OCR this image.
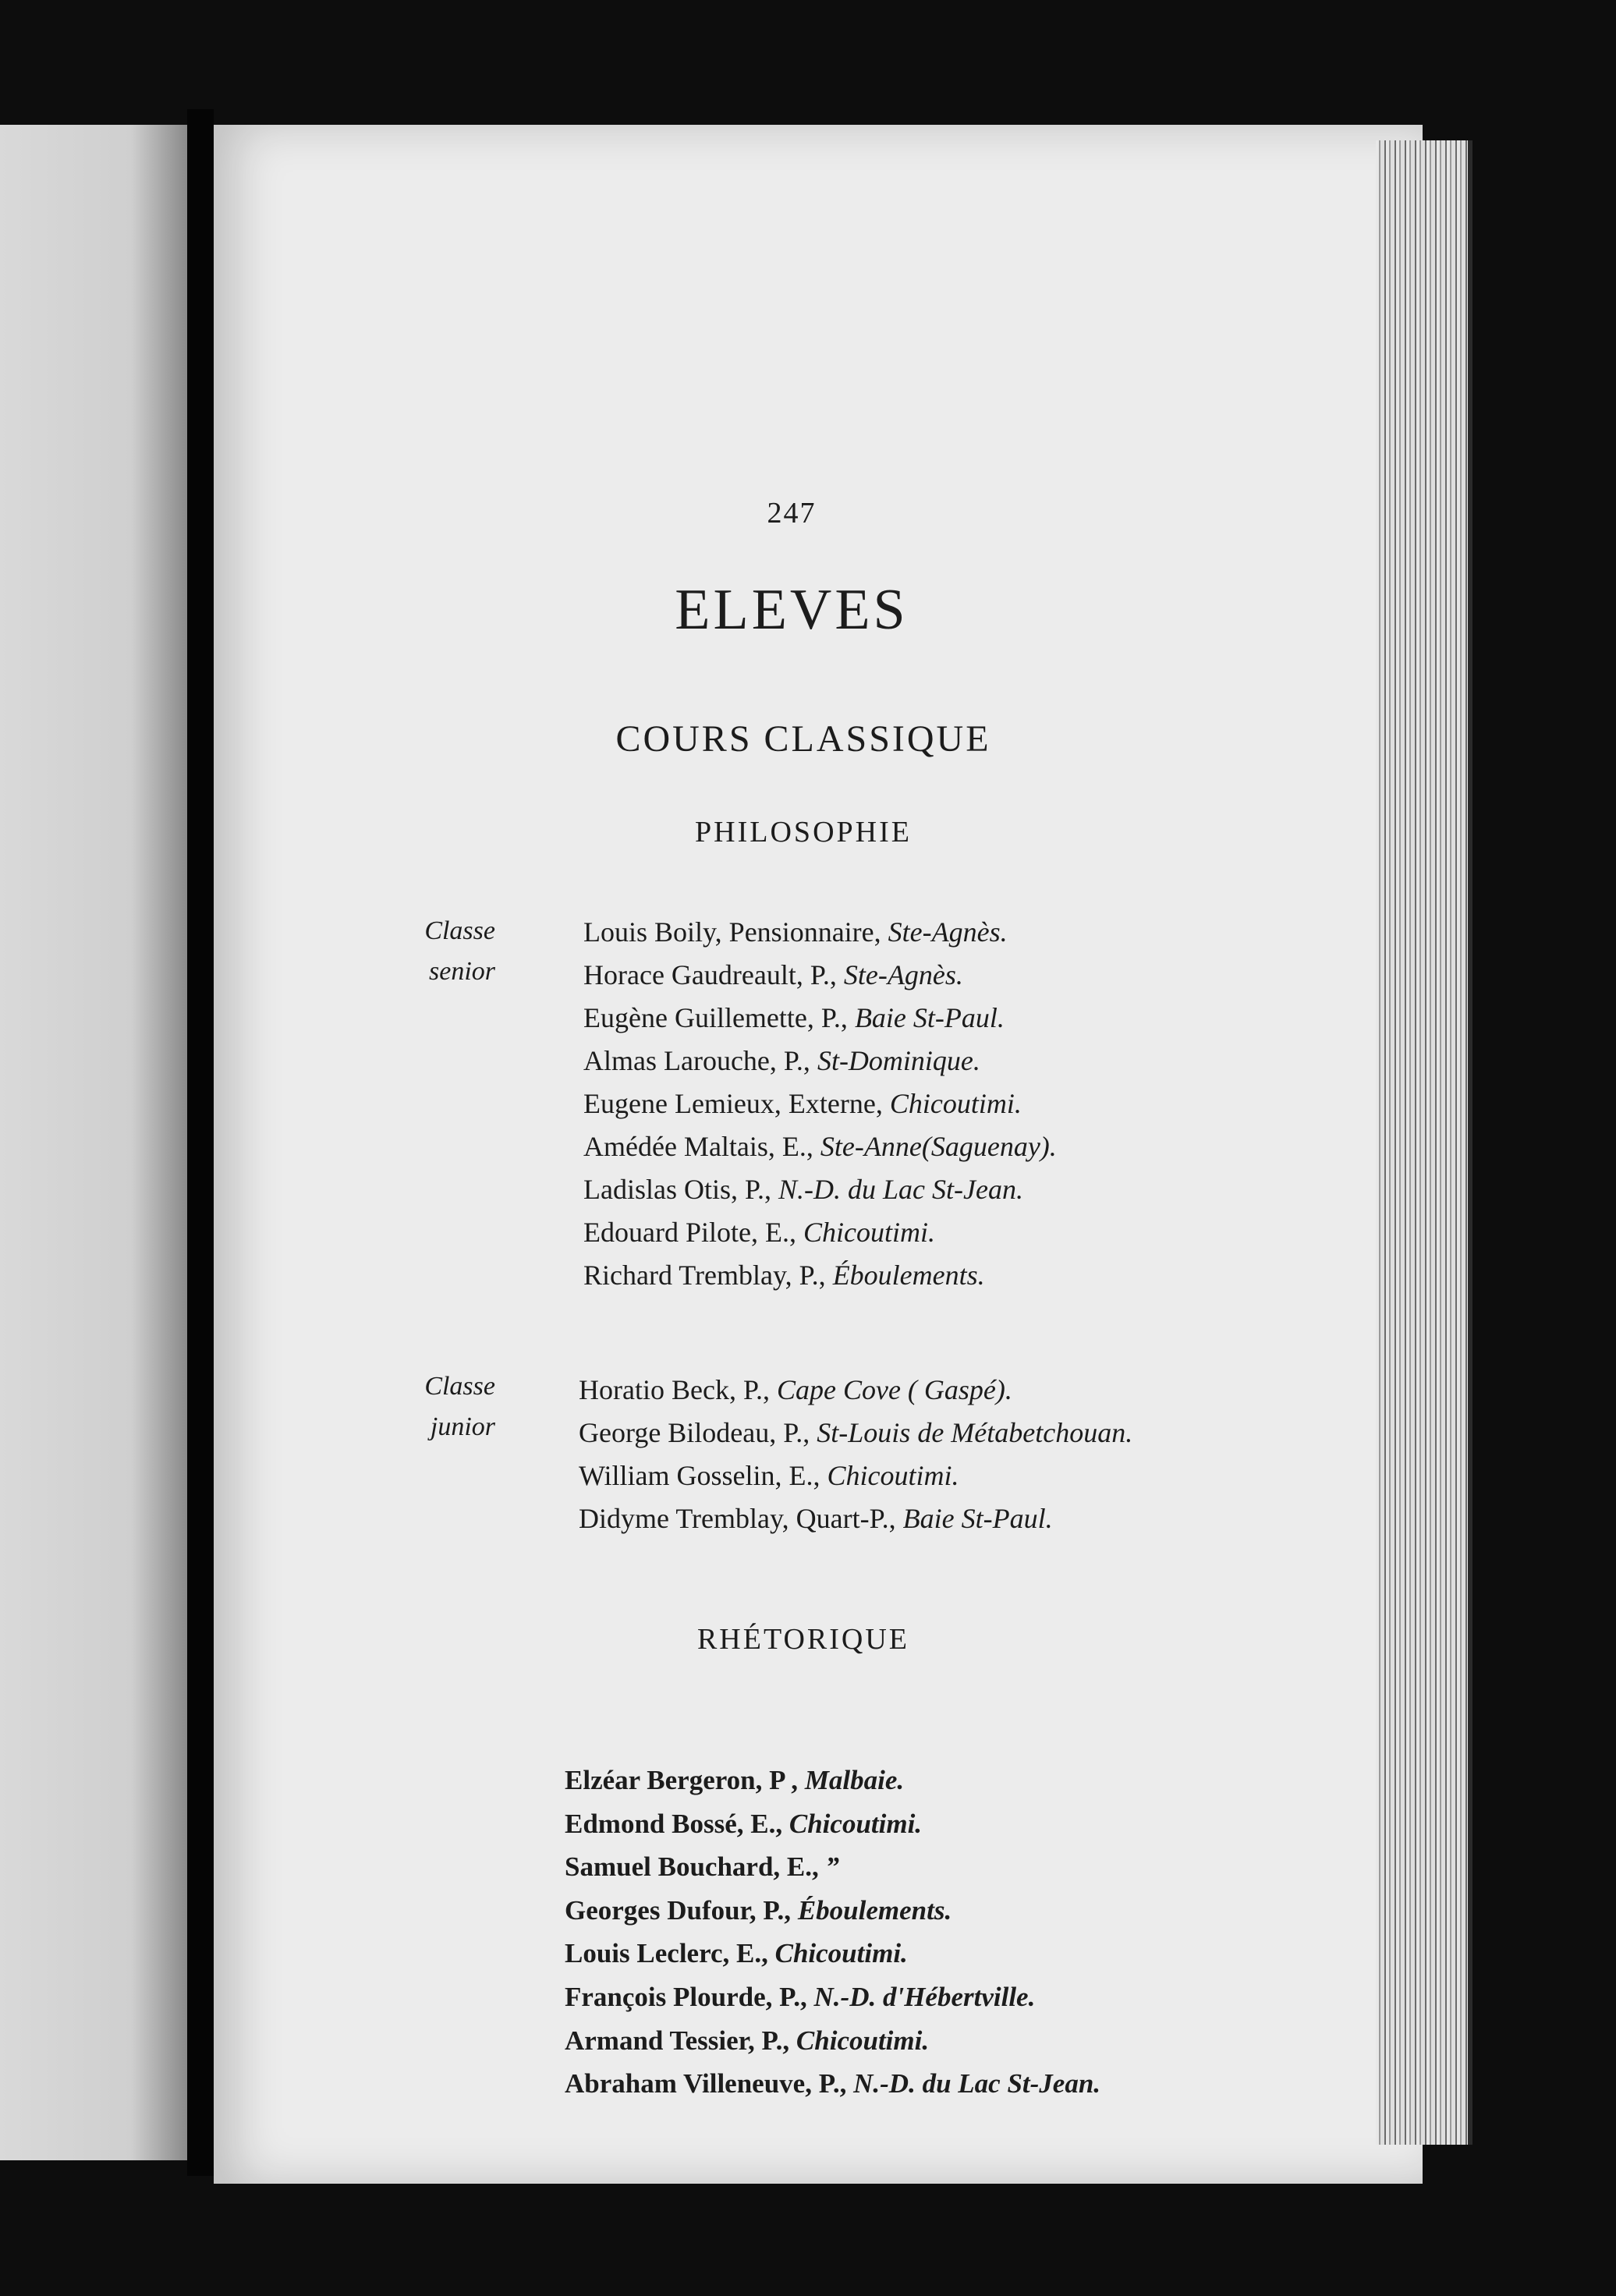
247
ELEVES
COURS CLASSIQUE
PHILOSOPHIE
Classe
senior
Louis Boily, Pensionnaire, Ste-Agnès.
Horace Gaudreault, P., Ste-Agnès.
Eugène Guillemette, P., Baie St-Paul.
Almas Larouche, P., St-Dominique.
Eugene Lemieux, Externe, Chicoutimi.
Amédée Maltais, E., Ste-Anne(Saguenay).
Ladislas Otis, P., N.-D. du Lac St-Jean.
Edouard Pilote, E., Chicoutimi.
Richard Tremblay, P., Éboulements.
Classe
junior
Horatio Beck, P., Cape Cove ( Gaspé).
George Bilodeau, P., St-Louis de Métabetchouan.
William Gosselin, E., Chicoutimi.
Didyme Tremblay, Quart-P., Baie St-Paul.
RHÉTORIQUE
Elzéar Bergeron, P , Malbaie.
Edmond Bossé, E., Chicoutimi.
Samuel Bouchard, E., ”
Georges Dufour, P., Éboulements.
Louis Leclerc, E., Chicoutimi.
François Plourde, P., N.-D. d'Hébertville.
Armand Tessier, P., Chicoutimi.
Abraham Villeneuve, P., N.-D. du Lac St-Jean.
